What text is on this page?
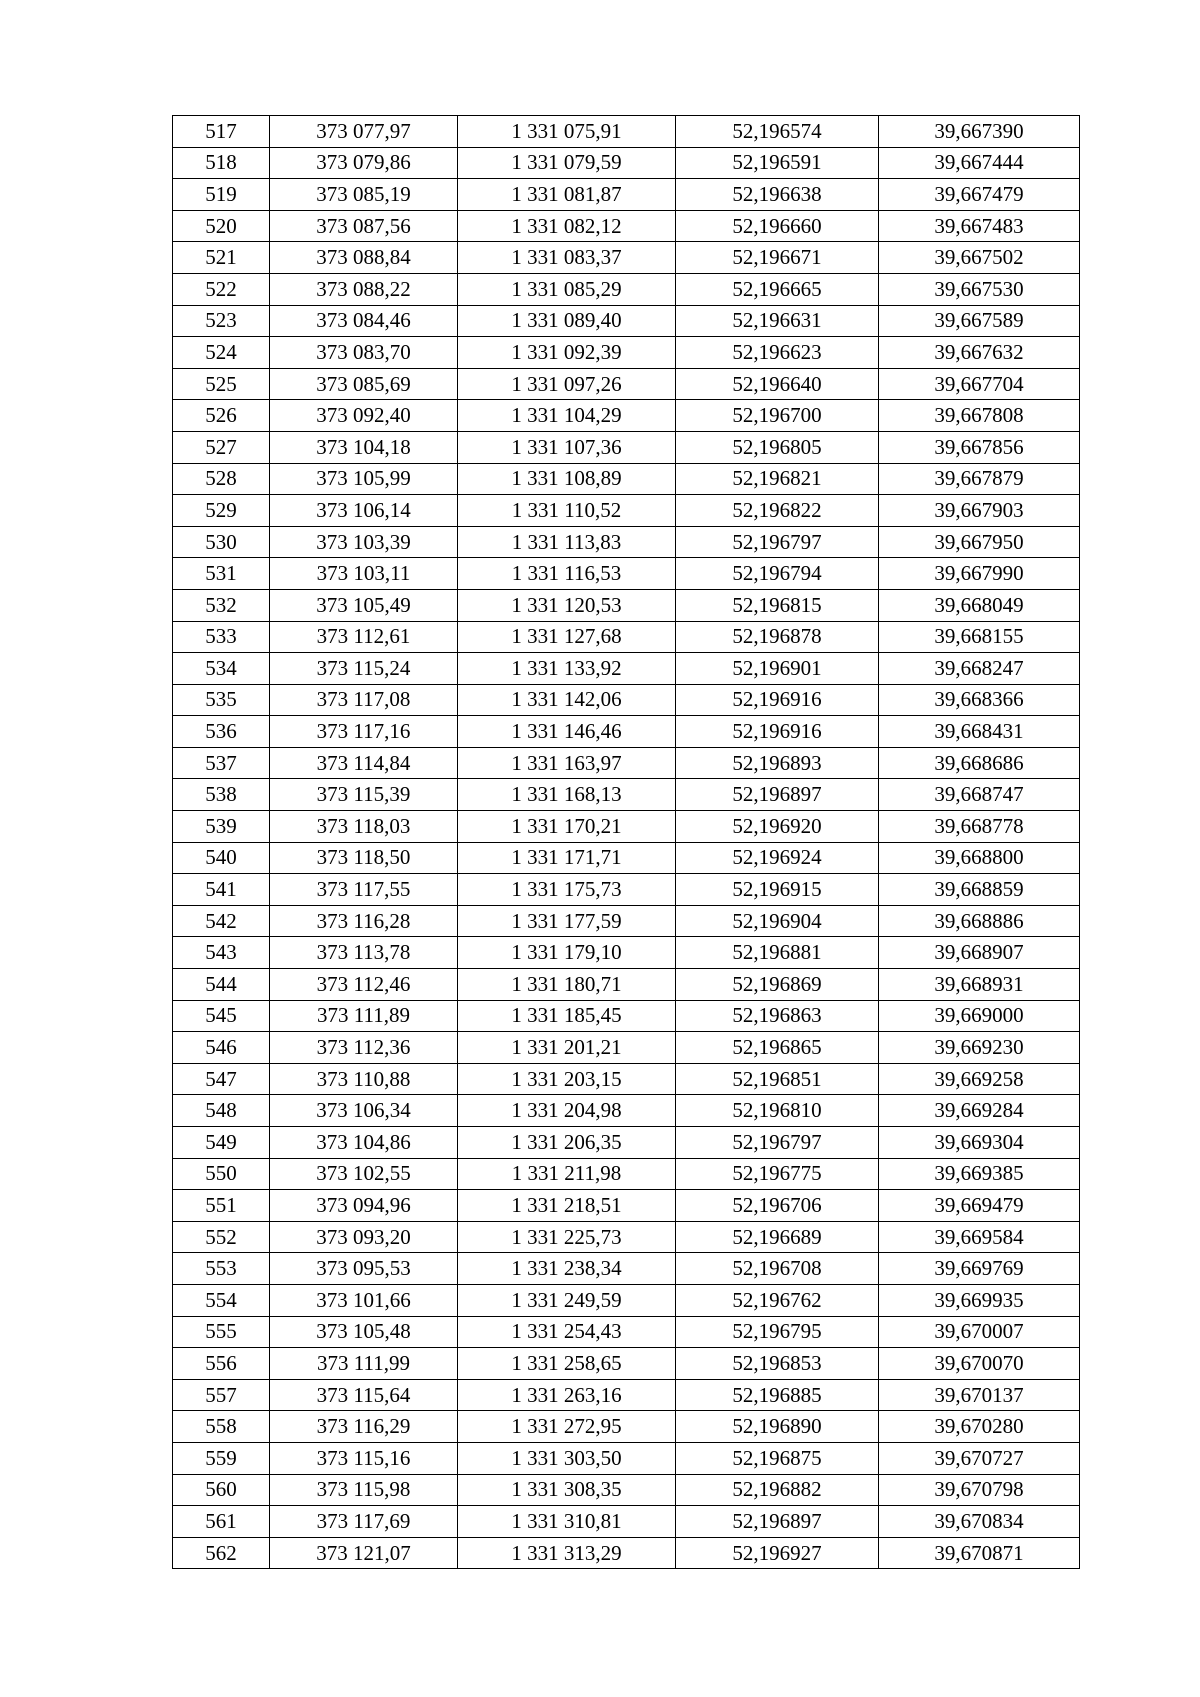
517	373 077,97	1 331 075,91	52,196574	39,667390
518	373 079,86	1 331 079,59	52,196591	39,667444
519	373 085,19	1 331 081,87	52,196638	39,667479
520	373 087,56	1 331 082,12	52,196660	39,667483
521	373 088,84	1 331 083,37	52,196671	39,667502
522	373 088,22	1 331 085,29	52,196665	39,667530
523	373 084,46	1 331 089,40	52,196631	39,667589
524	373 083,70	1 331 092,39	52,196623	39,667632
525	373 085,69	1 331 097,26	52,196640	39,667704
526	373 092,40	1 331 104,29	52,196700	39,667808
527	373 104,18	1 331 107,36	52,196805	39,667856
528	373 105,99	1 331 108,89	52,196821	39,667879
529	373 106,14	1 331 110,52	52,196822	39,667903
530	373 103,39	1 331 113,83	52,196797	39,667950
531	373 103,11	1 331 116,53	52,196794	39,667990
532	373 105,49	1 331 120,53	52,196815	39,668049
533	373 112,61	1 331 127,68	52,196878	39,668155
534	373 115,24	1 331 133,92	52,196901	39,668247
535	373 117,08	1 331 142,06	52,196916	39,668366
536	373 117,16	1 331 146,46	52,196916	39,668431
537	373 114,84	1 331 163,97	52,196893	39,668686
538	373 115,39	1 331 168,13	52,196897	39,668747
539	373 118,03	1 331 170,21	52,196920	39,668778
540	373 118,50	1 331 171,71	52,196924	39,668800
541	373 117,55	1 331 175,73	52,196915	39,668859
542	373 116,28	1 331 177,59	52,196904	39,668886
543	373 113,78	1 331 179,10	52,196881	39,668907
544	373 112,46	1 331 180,71	52,196869	39,668931
545	373 111,89	1 331 185,45	52,196863	39,669000
546	373 112,36	1 331 201,21	52,196865	39,669230
547	373 110,88	1 331 203,15	52,196851	39,669258
548	373 106,34	1 331 204,98	52,196810	39,669284
549	373 104,86	1 331 206,35	52,196797	39,669304
550	373 102,55	1 331 211,98	52,196775	39,669385
551	373 094,96	1 331 218,51	52,196706	39,669479
552	373 093,20	1 331 225,73	52,196689	39,669584
553	373 095,53	1 331 238,34	52,196708	39,669769
554	373 101,66	1 331 249,59	52,196762	39,669935
555	373 105,48	1 331 254,43	52,196795	39,670007
556	373 111,99	1 331 258,65	52,196853	39,670070
557	373 115,64	1 331 263,16	52,196885	39,670137
558	373 116,29	1 331 272,95	52,196890	39,670280
559	373 115,16	1 331 303,50	52,196875	39,670727
560	373 115,98	1 331 308,35	52,196882	39,670798
561	373 117,69	1 331 310,81	52,196897	39,670834
562	373 121,07	1 331 313,29	52,196927	39,670871
